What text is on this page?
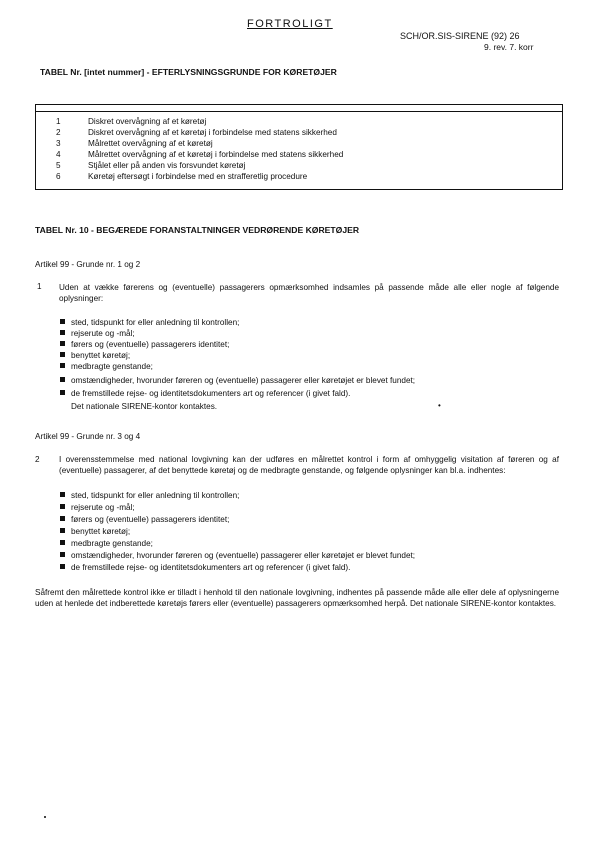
FORTROLIGT
SCH/OR.SIS-SIRENE (92) 26
9. rev. 7. korr
TABEL Nr. [intet nummer] - EFTERLYSNINGSGRUNDE FOR KØRETØJER
1	Diskret overvågning af et køretøj
2	Diskret overvågning af et køretøj i forbindelse med statens sikkerhed
3	Målrettet overvågning af et køretøj
4	Målrettet overvågning af et køretøj i forbindelse med statens sikkerhed
5	Stjålet eller på anden vis forsvundet køretøj
6	Køretøj eftersøgt i forbindelse med en strafferetlig procedure
TABEL Nr. 10 - BEGÆREDE FORANSTALTNINGER VEDRØRENDE KØRETØJER
Artikel 99 - Grunde nr. 1 og 2
1 Uden at vække førerens og (eventuelle) passagerers opmærksomhed indsamles på passende måde alle eller nogle af følgende oplysninger:
sted, tidspunkt for eller anledning til kontrollen;
rejserute og -mål;
førers og (eventuelle) passagerers identitet;
benyttet køretøj;
medbragte genstande;
omstændigheder, hvorunder føreren og (eventuelle) passagerer eller køretøjet er blevet fundet;
de fremstillede rejse- og identitetsdokumenters art og referencer (i givet fald).
Det nationale SIRENE-kontor kontaktes.	•
Artikel 99 - Grunde nr. 3 og 4
2 I overensstemmelse med national lovgivning kan der udføres en målrettet kontrol i form af omhyggelig visitation af føreren og af (eventuelle) passagerer, af det benyttede køretøj og de medbragte genstande, og følgende oplysninger kan bl.a. indhentes:
sted, tidspunkt for eller anledning til kontrollen;
rejserute og -mål;
førers og (eventuelle) passagerers identitet;
benyttet køretøj;
medbragte genstande;
omstændigheder, hvorunder føreren og (eventuelle) passagerer eller køretøjet er blevet fundet;
de fremstillede rejse- og identitetsdokumenters art og referencer (i givet fald).
Såfremt den målrettede kontrol ikke er tilladt i henhold til den nationale lovgivning, indhentes på passende måde alle eller dele af oplysningerne uden at henlede det indberettede køretøjs førers eller (eventuelle) passagerers opmærksomhed herpå. Det nationale SIRENE-kontor kontaktes.
